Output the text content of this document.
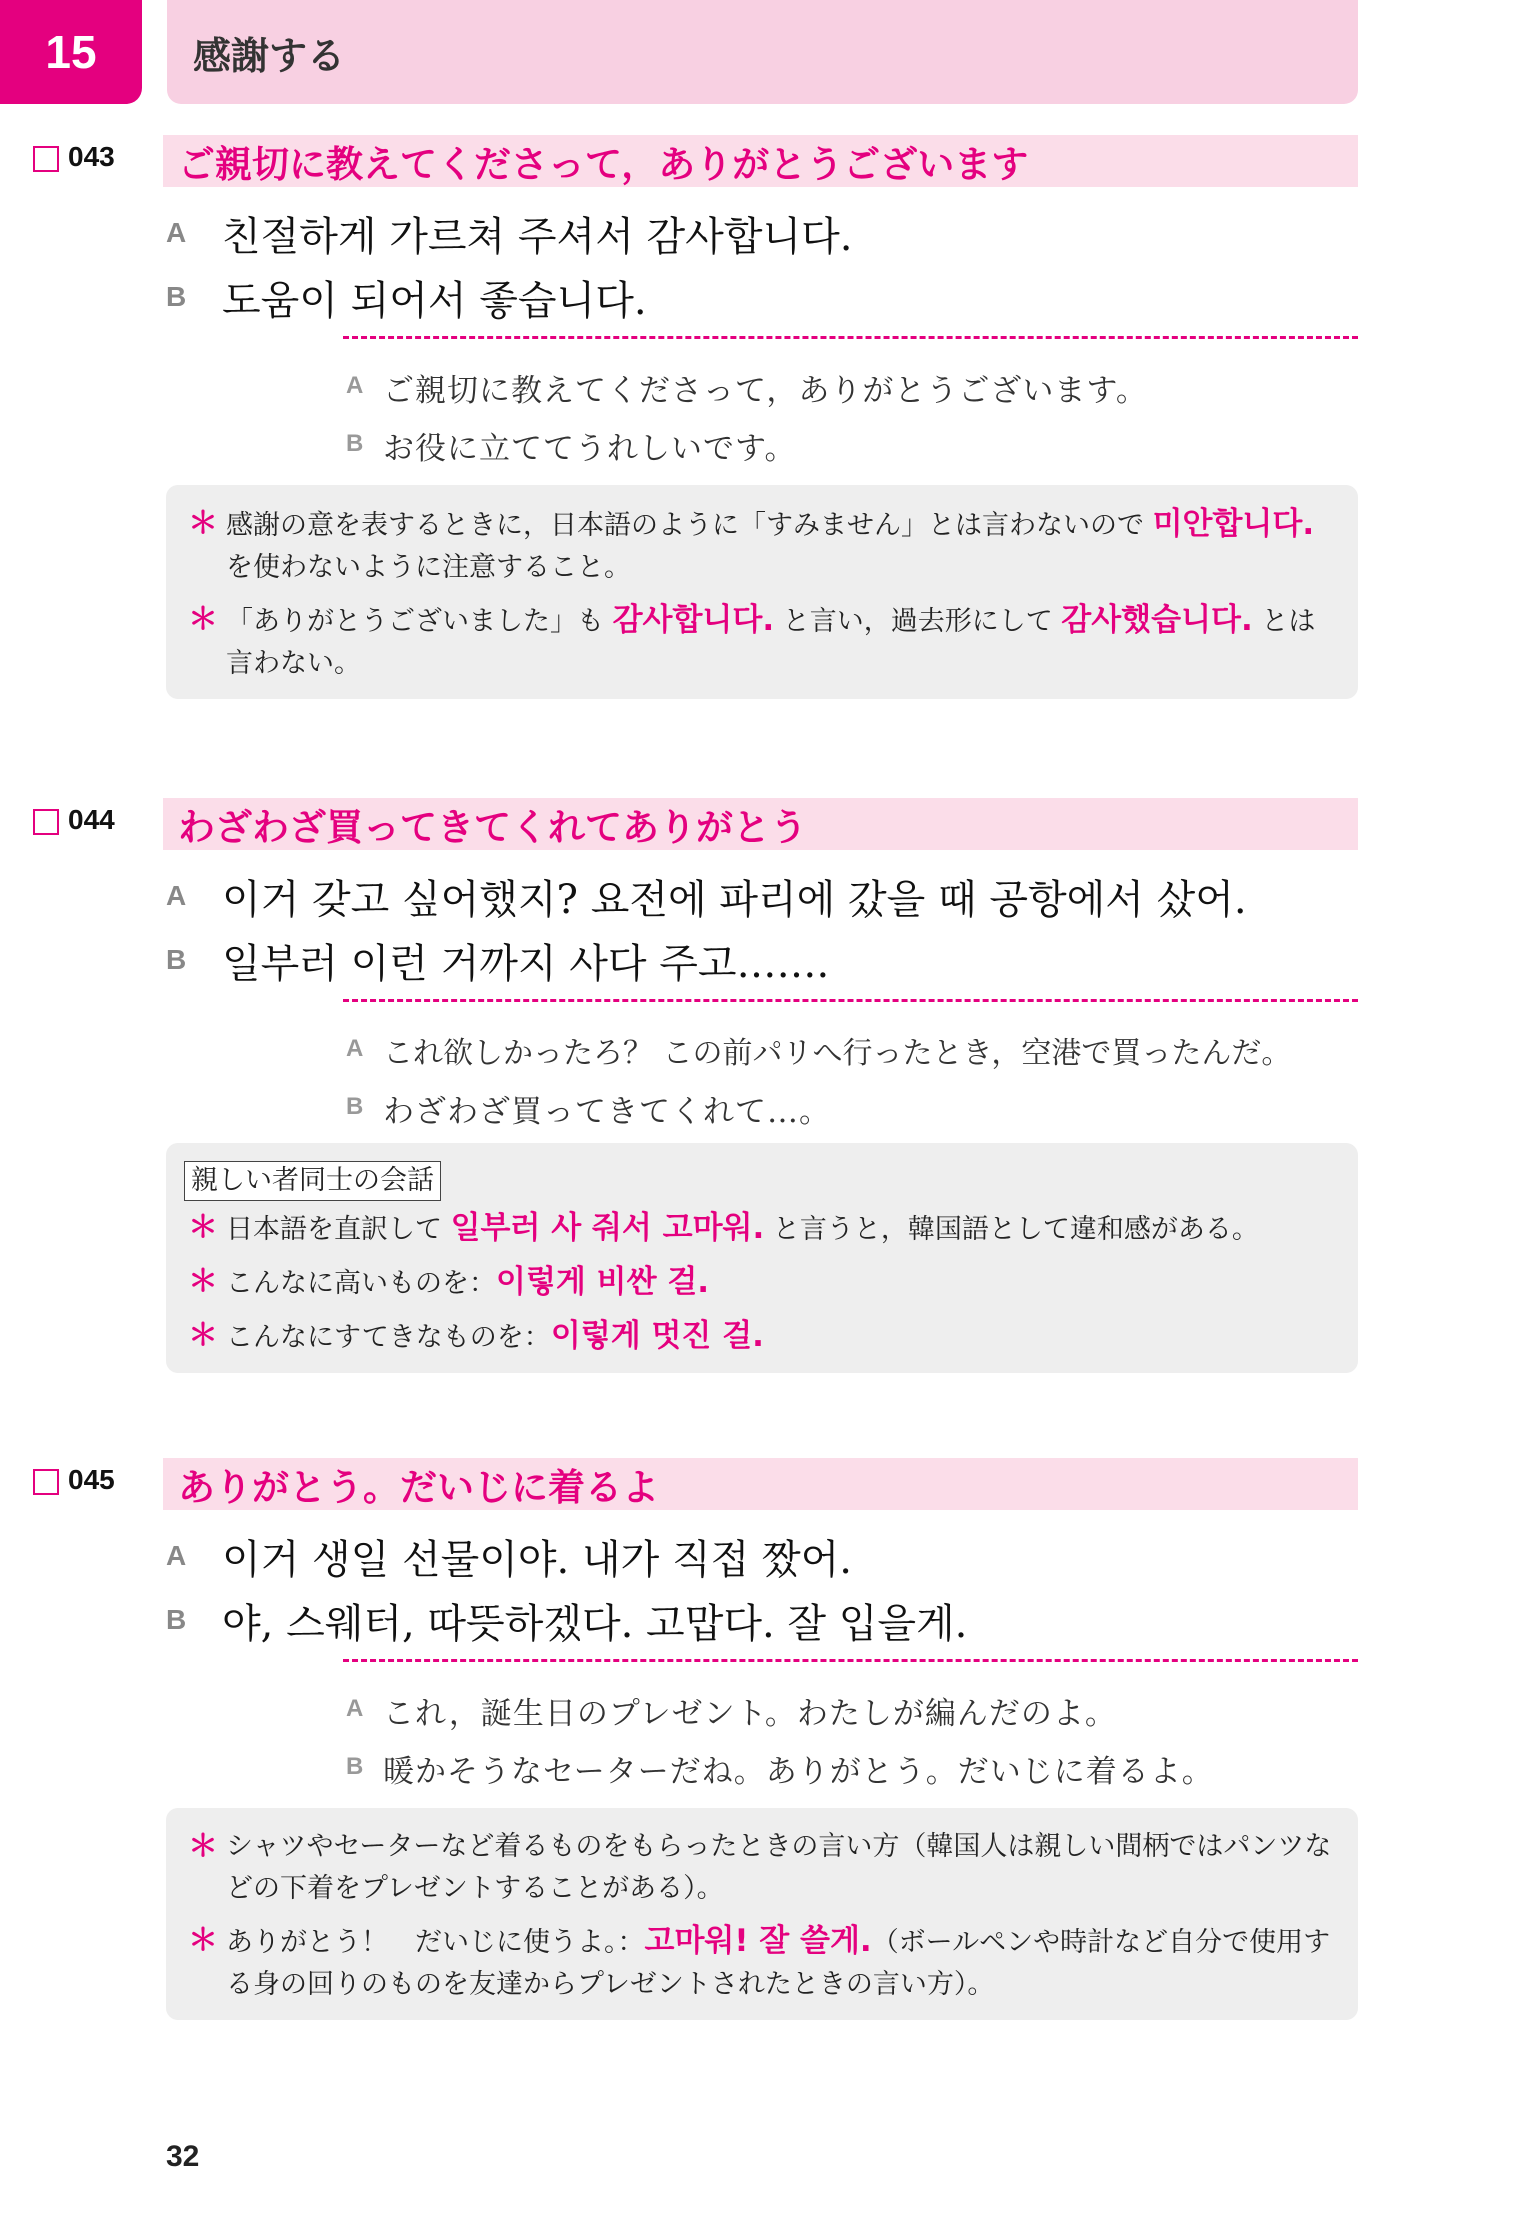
15	感謝する
043	ご親切に教えてくださって，ありがとうございます
A 친절하게 가르쳐 주셔서 감사합니다.
B 도움이 되어서 좋습니다.
A ご親切に教えてくださって，ありがとうございます。
B お役に立ててうれしいです。
＊ 感謝の意を表するときに，日本語のように「すみません」とは言わないので 미안합니다. を使わないように注意すること。
＊ 「ありがとうございました」も 감사합니다. と言い，過去形にして 감사했습니다. とは言わない。
044	わざわざ買ってきてくれてありがとう
A 이거 갖고 싶어했지? 요전에 파리에 갔을 때 공항에서 샀어.
B 일부러 이런 거까지 사다 주고…….
A これ欲しかったろ？ この前パリへ行ったとき，空港で買ったんだ。
B わざわざ買ってきてくれて…。
親しい者同士の会話
＊ 日本語を直訳して 일부러 사 줘서 고마워. と言うと，韓国語として違和感がある。
＊ こんなに高いものを：이렇게 비싼 걸.
＊ こんなにすてきなものを：이렇게 멋진 걸.
045	ありがとう。だいじに着るよ
A 이거 생일 선물이야. 내가 직접 짰어.
B 야, 스웨터, 따뜻하겠다. 고맙다. 잘 입을게.
A これ，誕生日のプレゼント。わたしが編んだのよ。
B 暖かそうなセーターだね。ありがとう。だいじに着るよ。
＊ シャツやセーターなど着るものをもらったときの言い方（韓国人は親しい間柄ではパンツなどの下着をプレゼントすることがある）。
＊ ありがとう！　だいじに使うよ。：고마워! 잘 쓸게.（ボールペンや時計など自分で使用する身の回りのものを友達からプレゼントされたときの言い方）。
32
